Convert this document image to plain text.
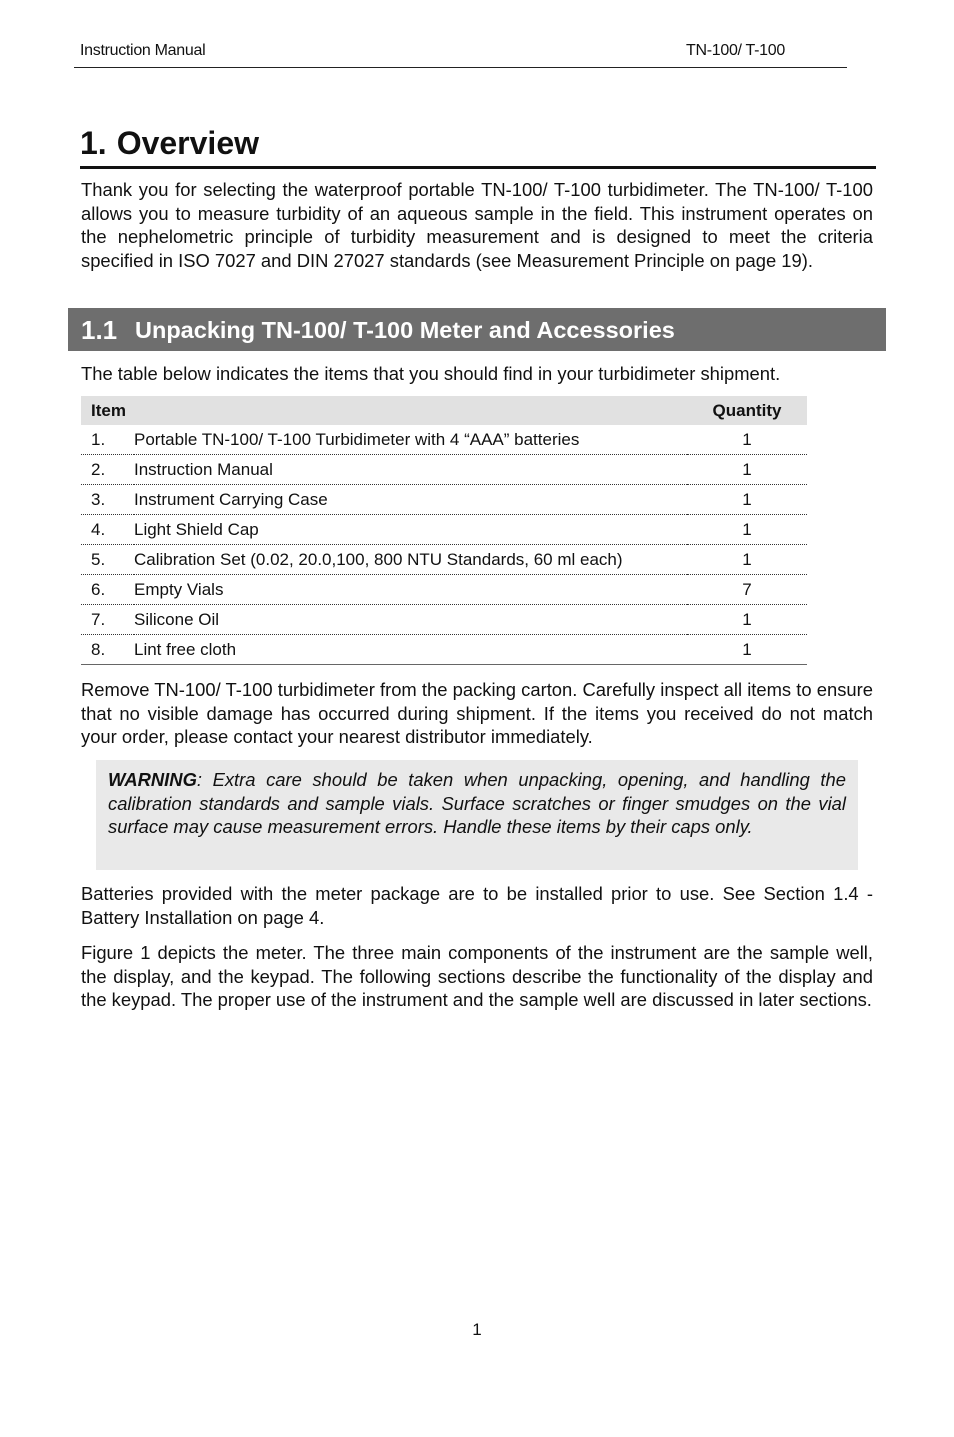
Instruction Manual	TN-100/ T-100
1. Overview

Thank you for selecting the waterproof portable TN-100/ T-100 turbidimeter. The TN-100/ T-100 allows you to measure turbidity of an aqueous sample in the field. This instrument operates on the nephelometric principle of turbidity measurement and is designed to meet the criteria specified in ISO 7027 and DIN 27027 standards (see Measurement Principle on page 19).

1.1 Unpacking TN-100/ T-100 Meter and Accessories

The table below indicates the items that you should find in your turbidimeter shipment.

Item		Quantity
1.	Portable TN-100/ T-100 Turbidimeter with 4 “AAA” batteries	1
2.	Instruction Manual	1
3.	Instrument Carrying Case	1
4.	Light Shield Cap	1
5.	Calibration Set (0.02, 20.0,100, 800 NTU Standards, 60 ml each)	1
6.	Empty Vials	7
7.	Silicone Oil	1
8.	Lint free cloth	1

Remove TN-100/ T-100 turbidimeter from the packing carton. Carefully inspect all items to ensure that no visible damage has occurred during shipment. If the items you received do not match your order, please contact your nearest distributor immediately.

WARNING: Extra care should be taken when unpacking, opening, and handling the calibration standards and sample vials. Surface scratches or finger smudges on the vial surface may cause measurement errors. Handle these items by their caps only.

Batteries provided with the meter package are to be installed prior to use. See Section 1.4 - Battery Installation on page 4.

Figure 1 depicts the meter. The three main components of the instrument are the sample well, the display, and the keypad. The following sections describe the functionality of the display and the keypad. The proper use of the instrument and the sample well are discussed in later sections.

1
